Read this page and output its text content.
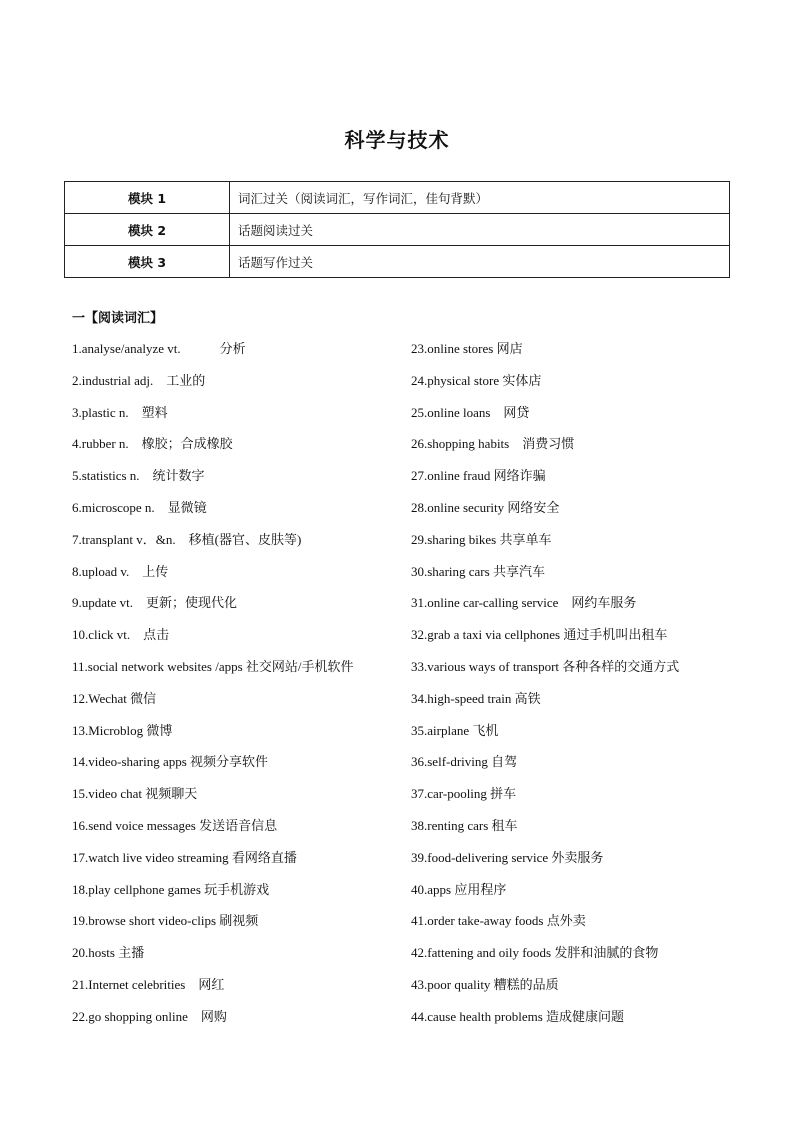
科学与技术
模块 1	词汇过关（阅读词汇，写作词汇，佳句背默）
模块 2	话题阅读过关
模块 3	话题写作过关
一【阅读词汇】
1.analyse/analyze vt.　　　分析
2.industrial adj.　工业的
3.plastic n.　塑料
4.rubber n.　橡胶；合成橡胶
5.statistics n.　统计数字
6.microscope n.　显微镜
7.transplant v．&n.　移植(器官、皮肤等)
8.upload v.　上传
9.update vt.　更新；使现代化
10.click vt.　点击
11.social network websites /apps 社交网站/手机软件
12.Wechat 微信
13.Microblog 微博
14.video-sharing apps 视频分享软件
15.video chat 视频聊天
16.send voice messages 发送语音信息
17.watch live video streaming 看网络直播
18.play cellphone games 玩手机游戏
19.browse short video-clips 刷视频
20.hosts 主播
21.Internet celebrities　网红
22.go shopping online　网购
23.online stores 网店
24.physical store 实体店
25.online loans　网贷
26.shopping habits　消费习惯
27.online fraud 网络诈骗
28.online security 网络安全
29.sharing bikes 共享单车
30.sharing cars 共享汽车
31.online car-calling service　网约车服务
32.grab a taxi via cellphones 通过手机叫出租车
33.various ways of transport 各种各样的交通方式
34.high-speed train 高铁
35.airplane 飞机
36.self-driving 自驾
37.car-pooling 拼车
38.renting cars 租车
39.food-delivering service 外卖服务
40.apps 应用程序
41.order take-away foods 点外卖
42.fattening and oily foods 发胖和油腻的食物
43.poor quality 糟糕的品质
44.cause health problems 造成健康问题
